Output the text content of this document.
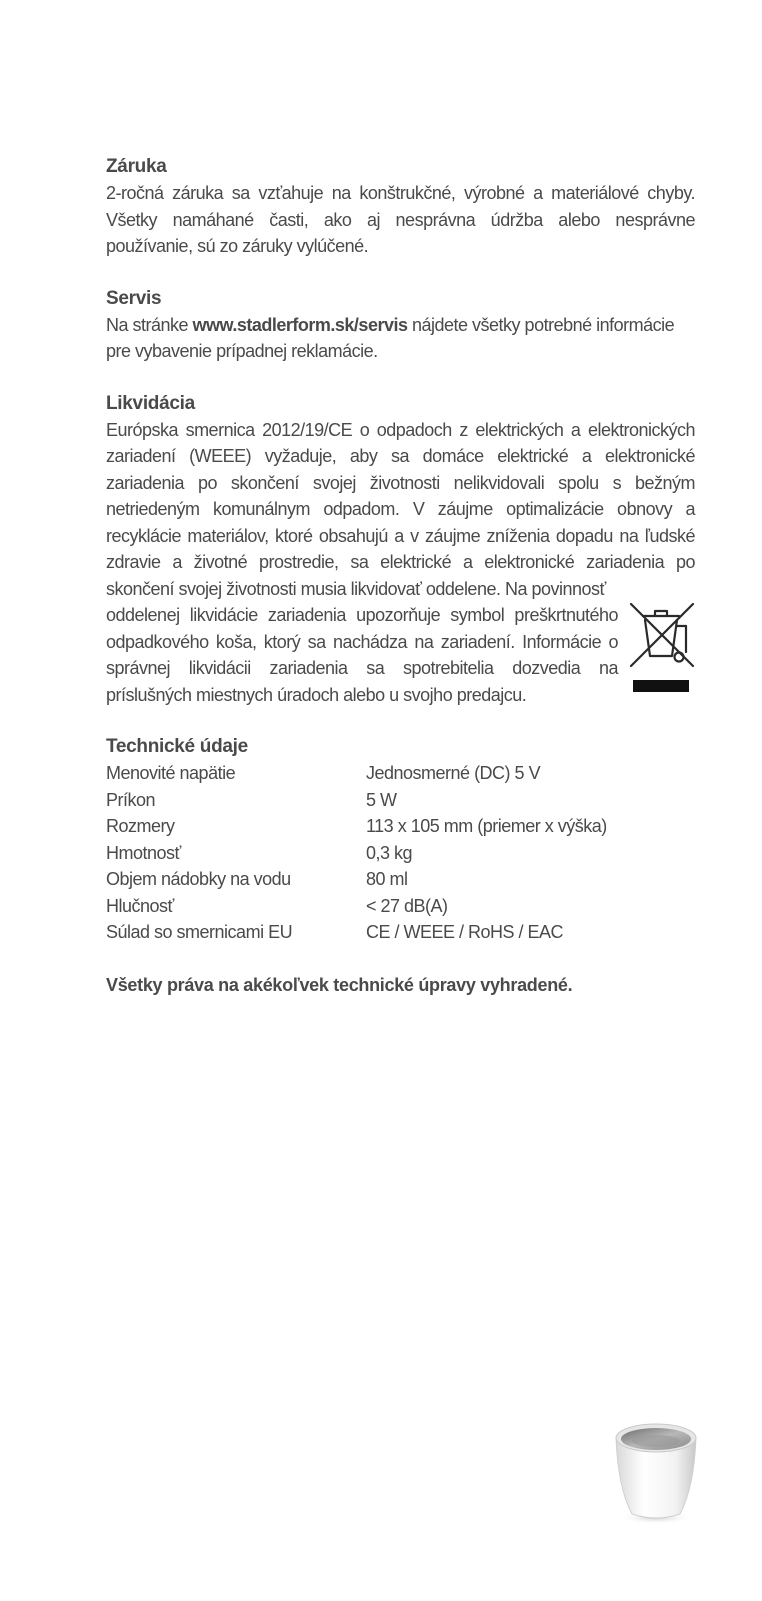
Záruka

2-ročná záruka sa vzťahuje na konštrukčné, výrobné a materiálové chyby. Všetky namáhané časti, ako aj nesprávna údržba alebo nesprávne používanie, sú zo záruky vylúčené.

Servis

Na stránke www.stadlerform.sk/servis nájdete všetky potrebné informácie pre vybavenie prípadnej reklamácie.

Likvidácia

Európska smernica 2012/19/CE o odpadoch z elektrických a elektronických zariadení (WEEE) vyžaduje, aby sa domáce elektrické a elektronické zariadenia po skončení svojej životnosti nelikvidovali spolu s bežným netriedeným komunálnym odpadom. V záujme optimalizácie obnovy a recyklácie materiálov, ktoré obsahujú a v záujme zníženia dopadu na ľudské zdravie a životné prostredie, sa elektrické a elektronické zariadenia po skončení svojej životnosti musia likvidovať oddelene. Na povinnosť

oddelenej likvidácie zariadenia upozorňuje symbol preškrtnutého odpadkového koša, ktorý sa nachádza na zariadení. Informácie o správnej likvidácii zariadenia sa spotrebitelia dozvedia na príslušných miestnych úradoch alebo u svojho predajcu.

Technické údaje
Menovité napätie	Jednosmerné (DC) 5 V
Príkon	5 W
Rozmery	113 x 105 mm (priemer x výška)
Hmotnosť	0,3 kg
Objem nádobky na vodu	80 ml
Hlučnosť	< 27 dB(A)
Súlad so smernicami EU	CE / WEEE / RoHS / EAC
Všetky práva na akékoľvek technické úpravy vyhradené.
